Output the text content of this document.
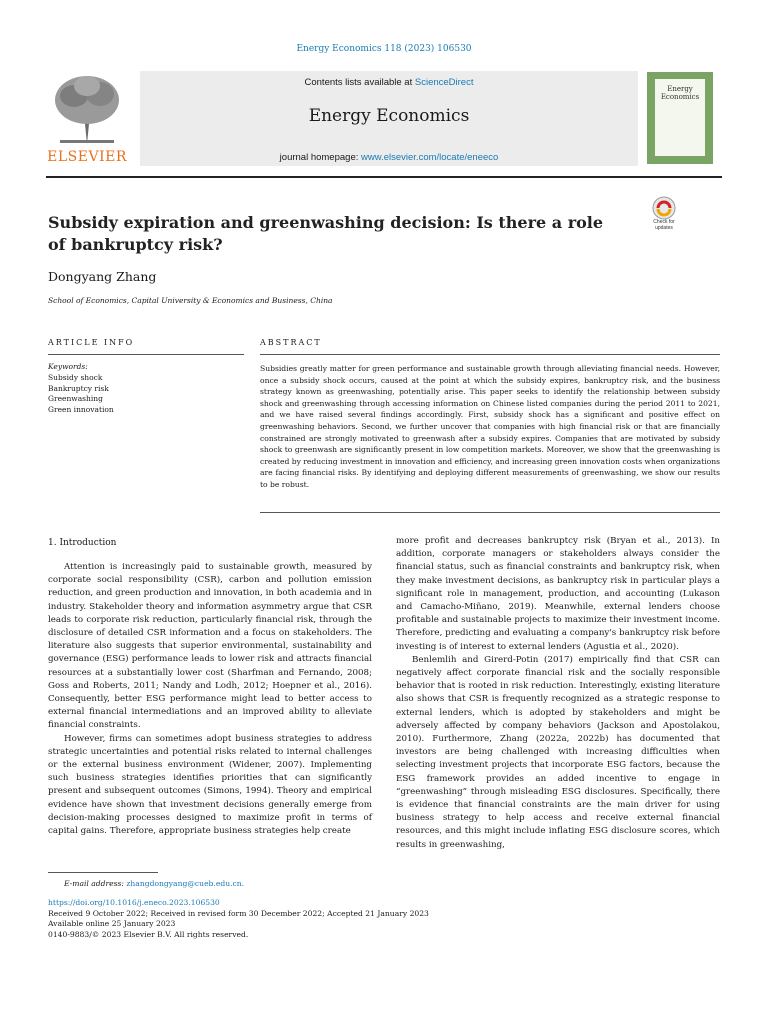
Energy Economics 118 (2023) 106530
ELSEVIER
Contents lists available at ScienceDirect
Energy Economics
journal homepage: www.elsevier.com/locate/eneeco
Energy Economics
Subsidy expiration and greenwashing decision: Is there a role of bankruptcy risk?
Check for updates
Dongyang Zhang
School of Economics, Capital University & Economics and Business, China
ARTICLE INFO	ABSTRACT
Keywords:
Subsidy shock
Bankruptcy risk
Greenwashing
Green innovation
Subsidies greatly matter for green performance and sustainable growth through alleviating financial needs. However, once a subsidy shock occurs, caused at the point at which the subsidy expires, bankruptcy risk, and the business strategy known as greenwashing, potentially arise. This paper seeks to identify the relationship between subsidy shock and greenwashing through accessing information on Chinese listed companies during the period 2011 to 2021, and we have raised several findings accordingly. First, subsidy shock has a significant and positive effect on greenwashing behaviors. Second, we further uncover that companies with high financial risk or that are financially constrained are strongly motivated to greenwash after a subsidy expires. Companies that are motivated by subsidy shock to greenwash are significantly present in low competition markets. Moreover, we show that the greenwashing is created by reducing investment in innovation and efficiency, and increasing green innovation costs when organizations are facing financial risks. By identifying and deploying different measurements of greenwashing, we show our results to be robust.
1. Introduction

Attention is increasingly paid to sustainable growth, measured by corporate social responsibility (CSR), carbon and pollution emission reduction, and green production and innovation, in both academia and in industry. Stakeholder theory and information asymmetry argue that CSR leads to corporate risk reduction, particularly financial risk, through the disclosure of detailed CSR information and a focus on stakeholders. The literature also suggests that superior environmental, sustainability and governance (ESG) performance leads to lower risk and attracts financial resources at a substantially lower cost (Sharfman and Fernando, 2008; Goss and Roberts, 2011; Nandy and Lodh, 2012; Hoepner et al., 2016). Consequently, better ESG performance might lead to better access to external financial intermediations and an improved ability to alleviate financial constraints.

However, firms can sometimes adopt business strategies to address strategic uncertainties and potential risks related to internal challenges or the external business environment (Widener, 2007). Implementing such business strategies identifies priorities that can significantly present and subsequent outcomes (Simons, 1994). Theory and empirical evidence have shown that investment decisions generally emerge from decision-making processes designed to maximize profit in terms of capital gains. Therefore, appropriate business strategies help create

more profit and decreases bankruptcy risk (Bryan et al., 2013). In addition, corporate managers or stakeholders always consider the financial status, such as financial constraints and bankruptcy risk, when they make investment decisions, as bankruptcy risk in particular plays a significant role in management, production, and accounting (Lukason and Camacho-Miñano, 2019). Meanwhile, external lenders choose profitable and sustainable projects to maximize their investment income. Therefore, predicting and evaluating a company's bankruptcy risk before investing is of interest to external lenders (Agustia et al., 2020).

Benlemlih and Girerd-Potin (2017) empirically find that CSR can negatively affect corporate financial risk and the socially responsible behavior that is rooted in risk reduction. Interestingly, existing literature also shows that CSR is frequently recognized as a strategic response to external lenders, which is adopted by stakeholders and might be adversely affected by company behaviors (Jackson and Apostolakou, 2010). Furthermore, Zhang (2022a, 2022b) has documented that investors are being challenged with increasing difficulties when selecting investment projects that incorporate ESG factors, because the ESG framework provides an added incentive to engage in “greenwashing” through misleading ESG disclosures. Specifically, there is evidence that financial constraints are the main driver for using business strategy to help access and receive external financial resources, and this might include inflating ESG disclosure scores, which results in greenwashing,

E-mail address: zhangdongyang@cueb.edu.cn.
https://doi.org/10.1016/j.eneco.2023.106530
Received 9 October 2022; Received in revised form 30 December 2022; Accepted 21 January 2023
Available online 25 January 2023
0140-9883/© 2023 Elsevier B.V. All rights reserved.
